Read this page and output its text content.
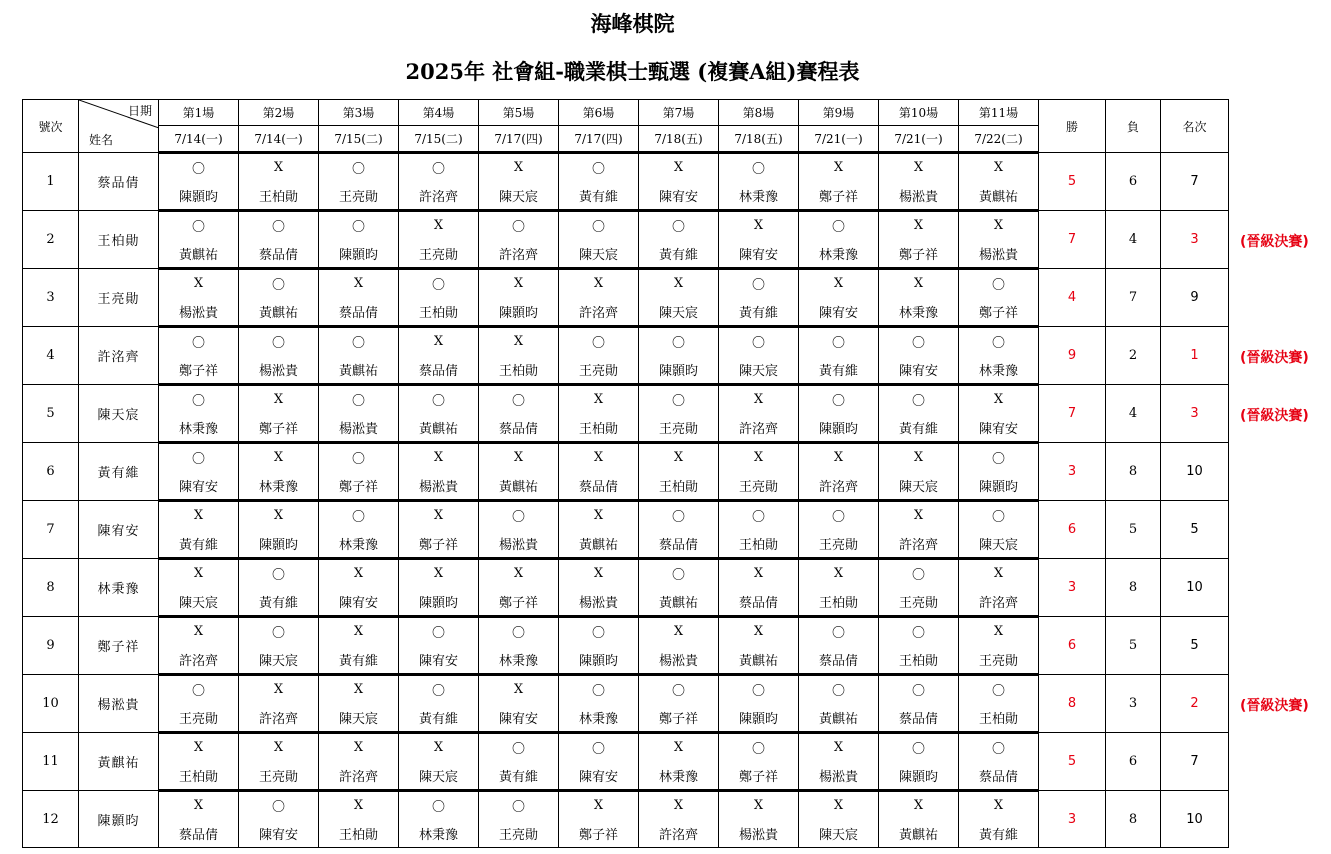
海峰棋院
2025年 社會組-職業棋士甄選 (複賽A組)賽程表
號次	日期
姓名	第1場	第2場	第3場	第4場	第5場	第6場	第7場	第8場	第9場	第10場	第11場	勝	負	名次
		7/14(一)	7/14(一)	7/15(二)	7/15(二)	7/17(四)	7/17(四)	7/18(五)	7/18(五)	7/21(一)	7/21(一)	7/22(二)			
1	蔡品倩	〇	X	〇	〇	X	〇	X	〇	X	X	X	5	6	7
		陳顥昀	王柏勛	王亮勛	許洺齊	陳天宸	黃有維	陳宥安	林秉豫	鄭子祥	楊淞貴	黃麒祐			
2	王柏勛	〇	〇	〇	X	〇	〇	〇	X	〇	X	X	7	4	3
		黃麒祐	蔡品倩	陳顥昀	王亮勛	許洺齊	陳天宸	黃有維	陳宥安	林秉豫	鄭子祥	楊淞貴			
3	王亮勛	X	〇	X	〇	X	X	X	〇	X	X	〇	4	7	9
		楊淞貴	黃麒祐	蔡品倩	王柏勛	陳顥昀	許洺齊	陳天宸	黃有維	陳宥安	林秉豫	鄭子祥			
4	許洺齊	〇	〇	〇	X	X	〇	〇	〇	〇	〇	〇	9	2	1
		鄭子祥	楊淞貴	黃麒祐	蔡品倩	王柏勛	王亮勛	陳顥昀	陳天宸	黃有維	陳宥安	林秉豫			
5	陳天宸	〇	X	〇	〇	〇	X	〇	X	〇	〇	X	7	4	3
		林秉豫	鄭子祥	楊淞貴	黃麒祐	蔡品倩	王柏勛	王亮勛	許洺齊	陳顥昀	黃有維	陳宥安			
6	黃有維	〇	X	〇	X	X	X	X	X	X	X	〇	3	8	10
		陳宥安	林秉豫	鄭子祥	楊淞貴	黃麒祐	蔡品倩	王柏勛	王亮勛	許洺齊	陳天宸	陳顥昀			
7	陳宥安	X	X	〇	X	〇	X	〇	〇	〇	X	〇	6	5	5
		黃有維	陳顥昀	林秉豫	鄭子祥	楊淞貴	黃麒祐	蔡品倩	王柏勛	王亮勛	許洺齊	陳天宸			
8	林秉豫	X	〇	X	X	X	X	〇	X	X	〇	X	3	8	10
		陳天宸	黃有維	陳宥安	陳顥昀	鄭子祥	楊淞貴	黃麒祐	蔡品倩	王柏勛	王亮勛	許洺齊			
9	鄭子祥	X	〇	X	〇	〇	〇	X	X	〇	〇	X	6	5	5
		許洺齊	陳天宸	黃有維	陳宥安	林秉豫	陳顥昀	楊淞貴	黃麒祐	蔡品倩	王柏勛	王亮勛			
10	楊淞貴	〇	X	X	〇	X	〇	〇	〇	〇	〇	〇	8	3	2
		王亮勛	許洺齊	陳天宸	黃有維	陳宥安	林秉豫	鄭子祥	陳顥昀	黃麒祐	蔡品倩	王柏勛			
11	黃麒祐	X	X	X	X	〇	〇	X	〇	X	〇	〇	5	6	7
		王柏勛	王亮勛	許洺齊	陳天宸	黃有維	陳宥安	林秉豫	鄭子祥	楊淞貴	陳顥昀	蔡品倩			
12	陳顥昀	X	〇	X	〇	〇	X	X	X	X	X	X	3	8	10
		蔡品倩	陳宥安	王柏勛	林秉豫	王亮勛	鄭子祥	許洺齊	楊淞貴	陳天宸	黃麒祐	黃有維			
(晉級決賽)
(晉級決賽)
(晉級決賽)
(晉級決賽)
